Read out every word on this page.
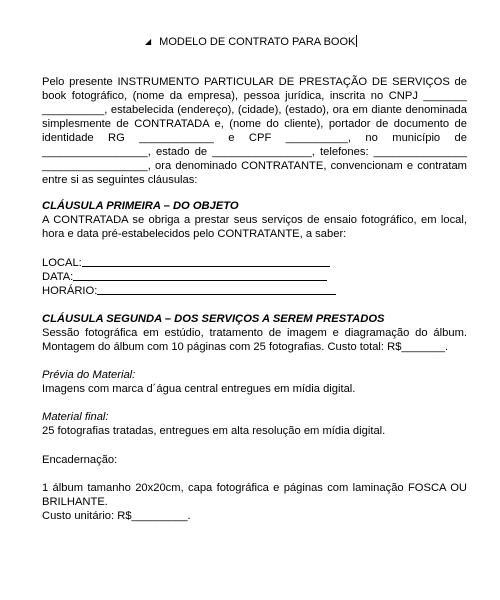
◢ MODELO DE CONTRATO PARA BOOK

Pelo presente INSTRUMENTO PARTICULAR DE PRESTAÇÃO DE SERVIÇOS de book fotográfico, (nome da empresa), pessoa jurídica, inscrita no CNPJ _______ __________, estabelecida (endereço), (cidade), (estado), ora em diante denominada simplesmente de CONTRATADA e, (nome do cliente), portador de documento de identidade RG ____________ e CPF __________, no município de _________________, estado de ________________, telefones: _______________ _________________, ora denominado CONTRATANTE, convencionam e contratam entre si as seguintes cláusulas:

CLÁUSULA PRIMEIRA – DO OBJETO

A CONTRATADA se obriga a prestar seus serviços de ensaio fotográfico, em local, hora e data pré-estabelecidos pelo CONTRATANTE, a saber:

LOCAL:

DATA:

HORÁRIO:

CLÁUSULA SEGUNDA – DOS SERVIÇOS A SEREM PRESTADOS

Sessão fotográfica em estúdio, tratamento de imagem e diagramação do álbum. Montagem do álbum com 10 páginas com 25 fotografias. Custo total: R$_______.

Prévia do Material:

Imagens com marca d´água central entregues em mídia digital.

Material final:

25 fotografias tratadas, entregues em alta resolução em mídia digital.

Encadernação:

1 álbum tamanho 20x20cm, capa fotográfica e páginas com laminação FOSCA OU BRILHANTE.

Custo unitário: R$_________.
